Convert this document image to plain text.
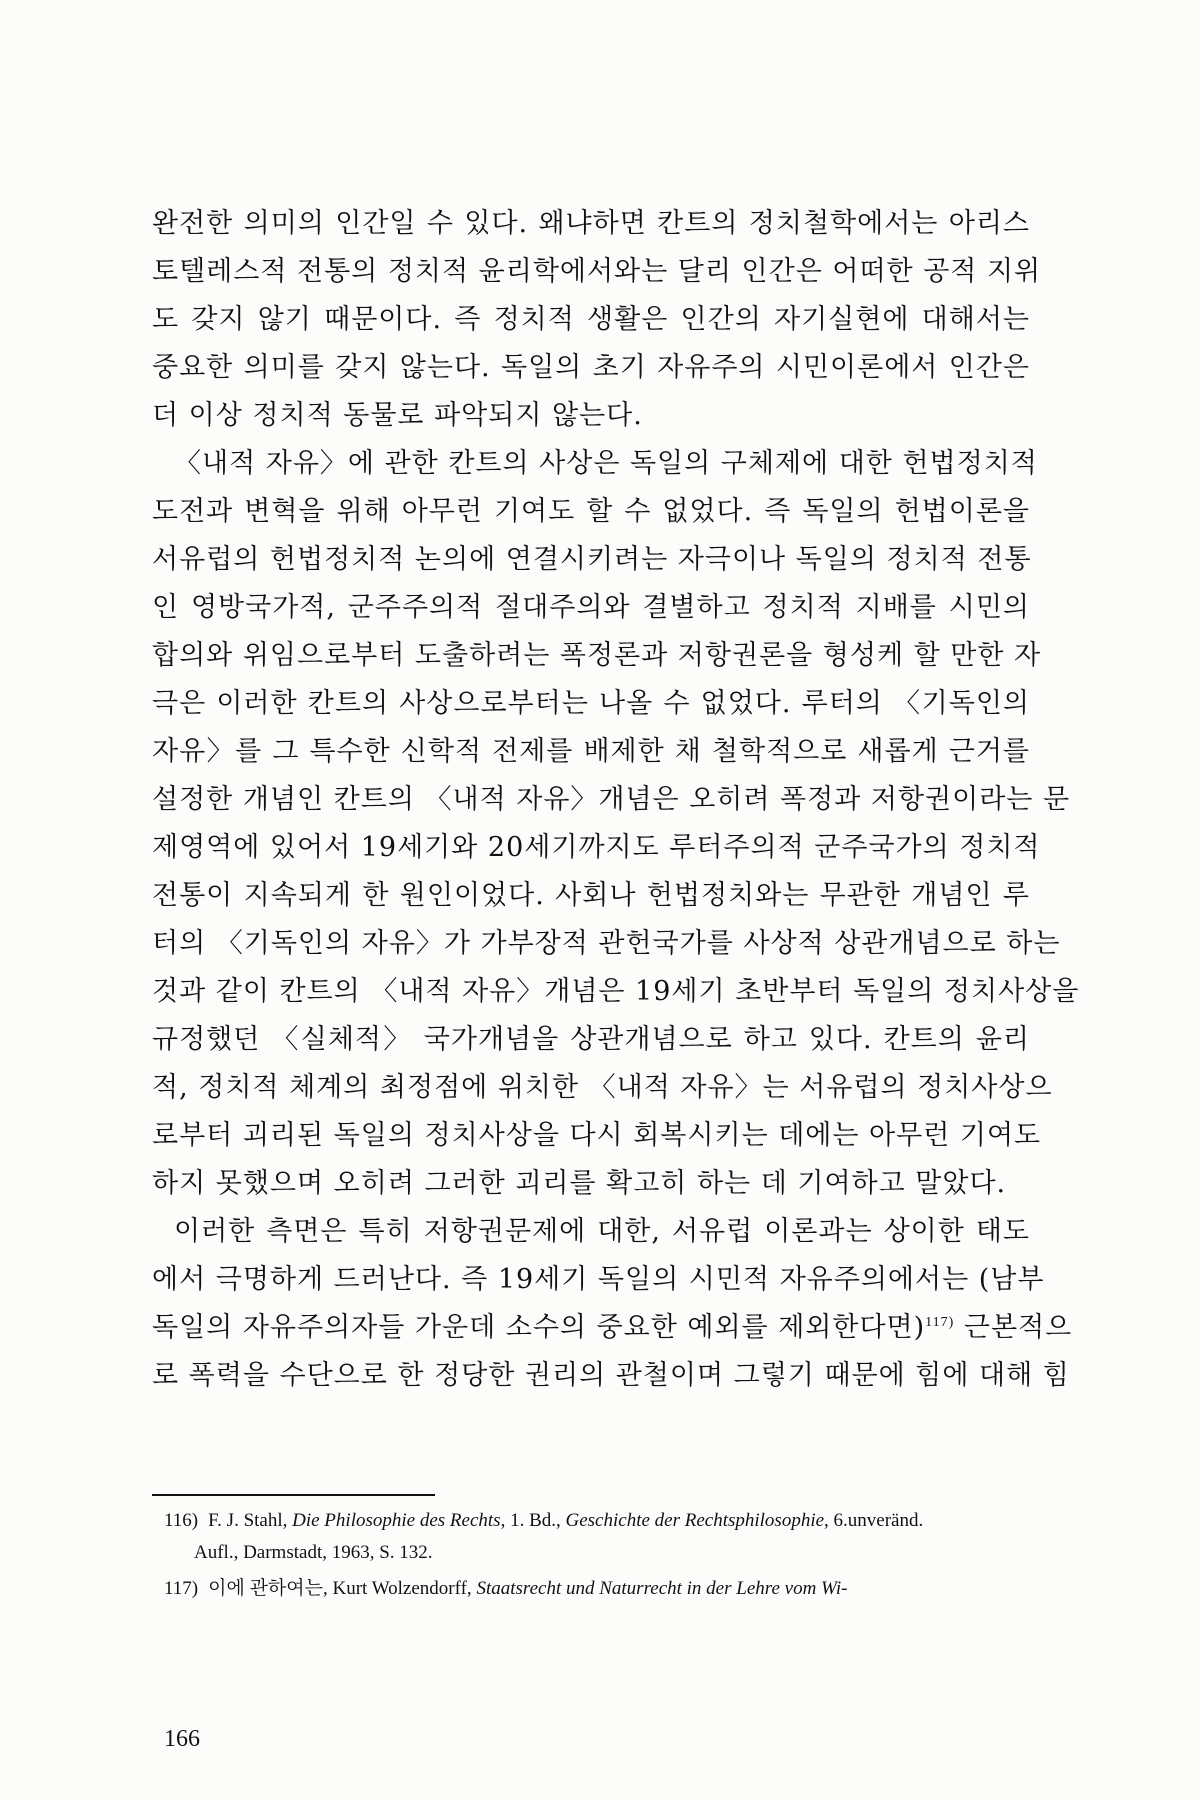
완전한 의미의 인간일 수 있다. 왜냐하면 칸트의 정치철학에서는 아리스
토텔레스적 전통의 정치적 윤리학에서와는 달리 인간은 어떠한 공적 지위
도 갖지 않기 때문이다. 즉 정치적 생활은 인간의 자기실현에 대해서는
중요한 의미를 갖지 않는다. 독일의 초기 자유주의 시민이론에서 인간은
더 이상 정치적 동물로 파악되지 않는다.
〈내적 자유〉에 관한 칸트의 사상은 독일의 구체제에 대한 헌법정치적
도전과 변혁을 위해 아무런 기여도 할 수 없었다. 즉 독일의 헌법이론을
서유럽의 헌법정치적 논의에 연결시키려는 자극이나 독일의 정치적 전통
인 영방국가적, 군주주의적 절대주의와 결별하고 정치적 지배를 시민의
합의와 위임으로부터 도출하려는 폭정론과 저항권론을 형성케 할 만한 자
극은 이러한 칸트의 사상으로부터는 나올 수 없었다. 루터의 〈기독인의
자유〉를 그 특수한 신학적 전제를 배제한 채 철학적으로 새롭게 근거를
설정한 개념인 칸트의 〈내적 자유〉개념은 오히려 폭정과 저항권이라는 문
제영역에 있어서 19세기와 20세기까지도 루터주의적 군주국가의 정치적
전통이 지속되게 한 원인이었다. 사회나 헌법정치와는 무관한 개념인 루
터의 〈기독인의 자유〉가 가부장적 관헌국가를 사상적 상관개념으로 하는
것과 같이 칸트의 〈내적 자유〉개념은 19세기 초반부터 독일의 정치사상을
규정했던 〈실체적〉 국가개념을 상관개념으로 하고 있다. 칸트의 윤리
적, 정치적 체계의 최정점에 위치한 〈내적 자유〉는 서유럽의 정치사상으
로부터 괴리된 독일의 정치사상을 다시 회복시키는 데에는 아무런 기여도
하지 못했으며 오히려 그러한 괴리를 확고히 하는 데 기여하고 말았다.
이러한 측면은 특히 저항권문제에 대한, 서유럽 이론과는 상이한 태도
에서 극명하게 드러난다. 즉 19세기 독일의 시민적 자유주의에서는 (남부
독일의 자유주의자들 가운데 소수의 중요한 예외를 제외한다면)$^{117)}$ 근본적으
로 폭력을 수단으로 한 정당한 권리의 관철이며 그렇기 때문에 힘에 대해 힘
116) F. J. Stahl, Die Philosophie des Rechts, 1. Bd., Geschichte der Rechtsphilosophie, 6.unveränd.
Aufl., Darmstadt, 1963, S. 132.
117) 이에 관하여는, Kurt Wolzendorff, Staatsrecht und Naturrecht in der Lehre vom Wi-
166
